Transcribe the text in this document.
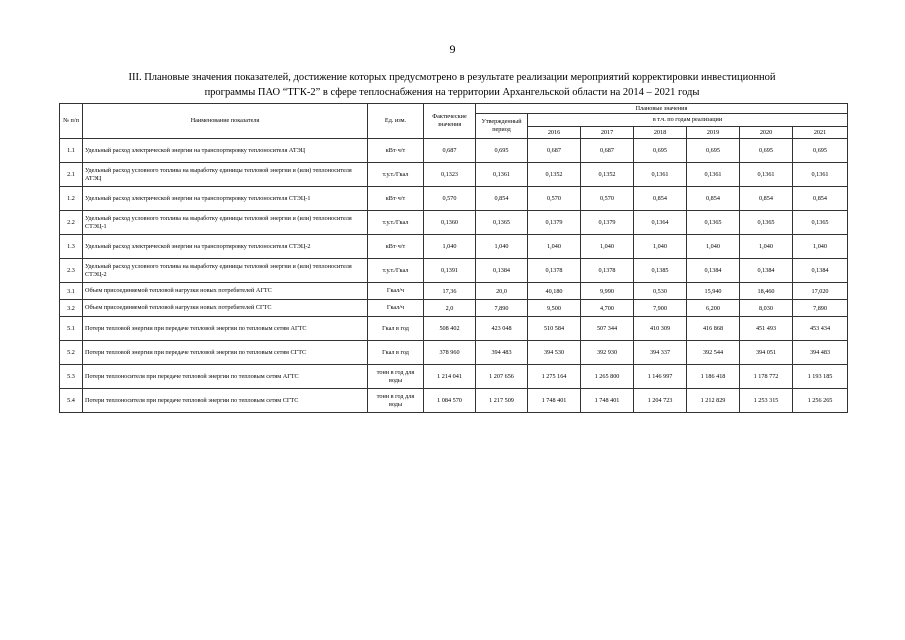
9
III. Плановые значения показателей, достижение которых предусмотрено в результате реализации мероприятий корректировки инвестиционной
программы ПАО “ТГК-2” в сфере теплоснабжения на территории Архангельской области на 2014 – 2021 годы
№ п/п	Наименование показателя	Ед. изм.	Фактические значения	Плановые значения						
				Утвержденный период	в т.ч. по годам реализации					
					2016	2017	2018	2019	2020	2021
1.1	Удельный расход электрической энергии на транспортировку теплоносителя АТЭЦ	кВт·ч/т	0,687	0,695	0,687	0,687	0,695	0,695	0,695	0,695
2.1	Удельный расход условного топлива на выработку единицы тепловой энергии и (или) теплоносителя АТЭЦ	т.у.т./Гкал	0,1323	0,1361	0,1352	0,1352	0,1361	0,1361	0,1361	0,1361
1.2	Удельный расход электрической энергии на транспортировку теплоносителя СТЭЦ-1	кВт·ч/т	0,570	0,854	0,570	0,570	0,854	0,854	0,854	0,854
2.2	Удельный расход условного топлива на выработку единицы тепловой энергии и (или) теплоносителя СТЭЦ-1	т.у.т./Гкал	0,1360	0,1365	0,1379	0,1379	0,1364	0,1365	0,1365	0,1365
1.3	Удельный расход электрической энергии на транспортировку теплоносителя СТЭЦ-2	кВт·ч/т	1,040	1,040	1,040	1,040	1,040	1,040	1,040	1,040
2.3	Удельный расход условного топлива на выработку единицы тепловой энергии и (или) теплоносителя СТЭЦ-2	т.у.т./Гкал	0,1391	0,1384	0,1378	0,1378	0,1385	0,1384	0,1384	0,1384
3.1	Объем присоединяемой тепловой нагрузки новых потребителей АГТС	Гкал/ч	17,36	20,0	40,180	9,990	0,530	15,940	18,460	17,020
3.2	Объем присоединяемой тепловой нагрузки новых потребителей СГТС	Гкал/ч	2,0	7,890	9,500	4,700	7,900	6,200	8,030	7,890
5.1	Потери тепловой энергии при передаче тепловой энергии по тепловым сетям АГТС	Гкал в год	508 402	423 048	510 584	507 344	410 309	416 868	451 493	453 434
5.2	Потери тепловой энергии при передаче тепловой энергии по тепловым сетям СГТС	Гкал в год	378 960	394 483	394 530	392 930	394 337	392 544	394 051	394 483
5.3	Потери теплоносителя при передаче тепловой энергии по тепловым сетям АГТС	тонн в год для воды	1 214 041	1 207 656	1 275 164	1 265 800	1 146 997	1 186 418	1 178 772	1 193 185
5.4	Потери теплоносителя при передаче тепловой энергии по тепловым сетям СГТС	тонн в год для воды	1 084 570	1 217 509	1 748 401	1 748 401	1 204 723	1 212 829	1 253 315	1 256 265
